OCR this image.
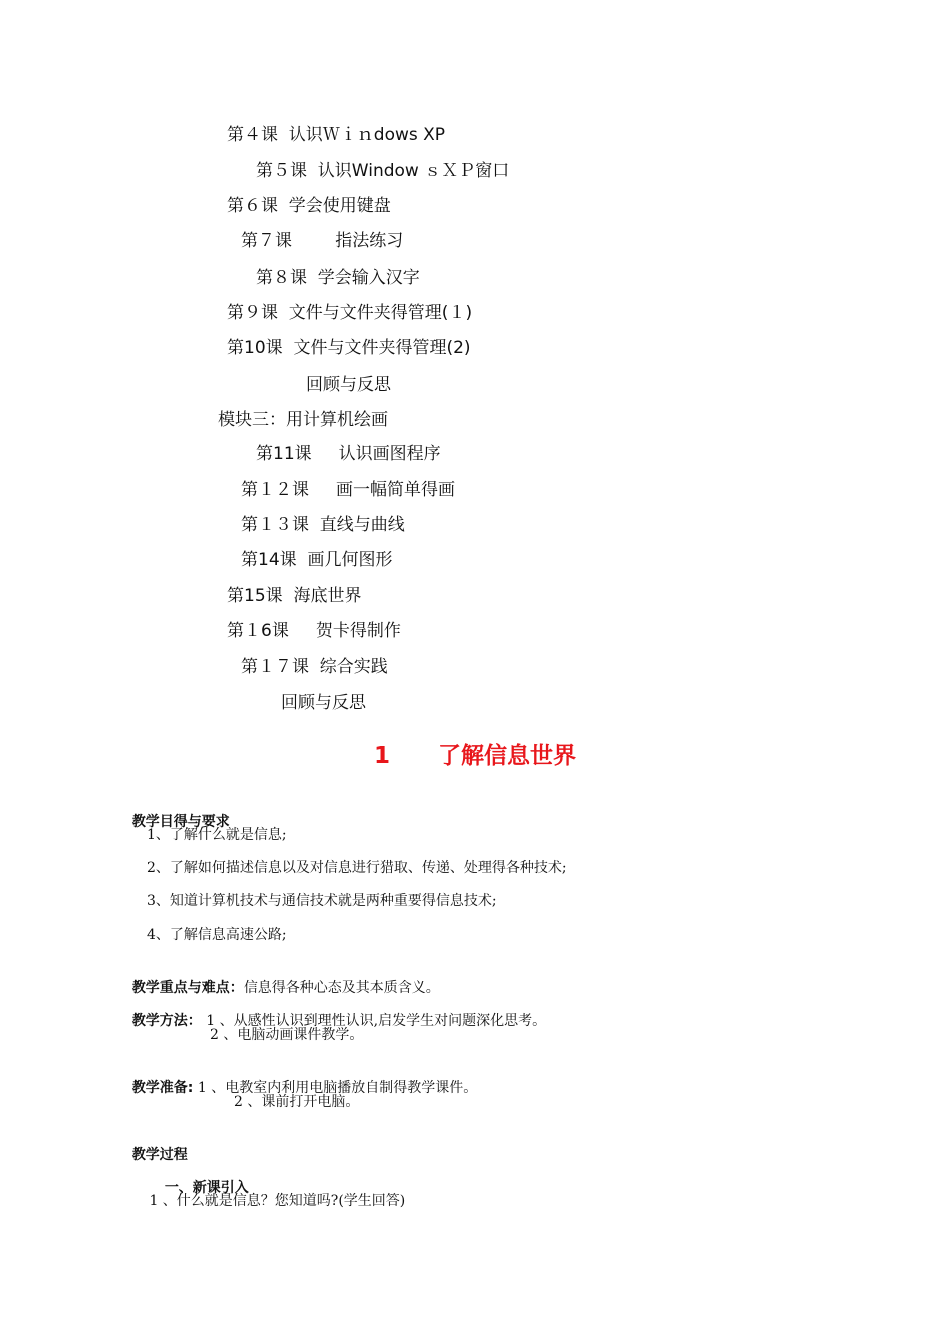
第４课  认识Ｗｉｎdows XP
第５课  认识Window ｓＸＰ窗口
第６课  学会使用键盘
第７课        指法练习
第８课  学会输入汉字
第９课  文件与文件夹得管理(１)
第10课  文件与文件夹得管理(2)
回顾与反思
模块三：用计算机绘画
第11课     认识画图程序
第１２课     画一幅简单得画
第１３课  直线与曲线
第14课  画几何图形
第15课  海底世界
第１6课     贺卡得制作
第１７课  综合实践
回顾与反思
1      了解信息世界

教学目得与要求

1、了解什么就是信息;
2、了解如何描述信息以及对信息进行猎取、传递、处理得各种技术;
3、知道计算机技术与通信技术就是两种重要得信息技术;
4、了解信息高速公路;

教学重点与难点：信息得各种心态及其本质含义。

教学方法： 1 、从感性认识到理性认识,启发学生对问题深化思考。

2 、电脑动画课件教学。

教学准备: 1 、电教室内利用电脑播放自制得教学课件。

2 、课前打开电脑。

教学过程

一、新课引入

1 、什么就是信息？您知道吗?(学生回答)
